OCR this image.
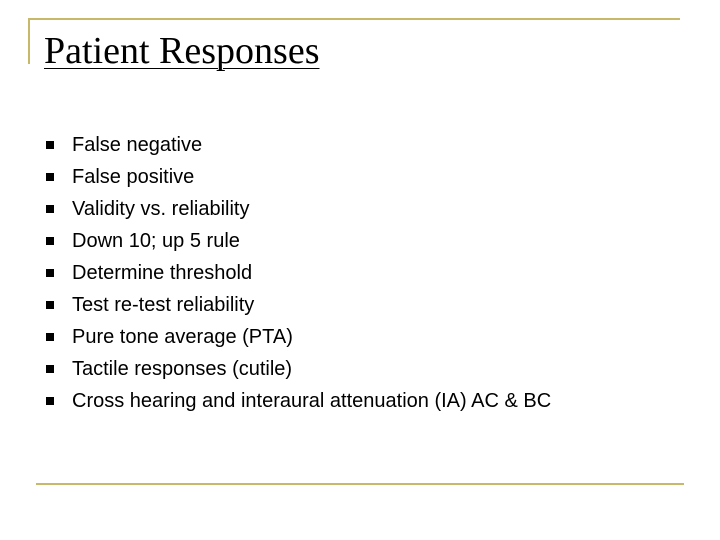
Patient Responses
False negative
False positive
Validity vs. reliability
Down 10; up 5 rule
Determine threshold
Test re-test reliability
Pure tone average (PTA)
Tactile responses (cutile)
Cross hearing and interaural attenuation (IA) AC & BC
